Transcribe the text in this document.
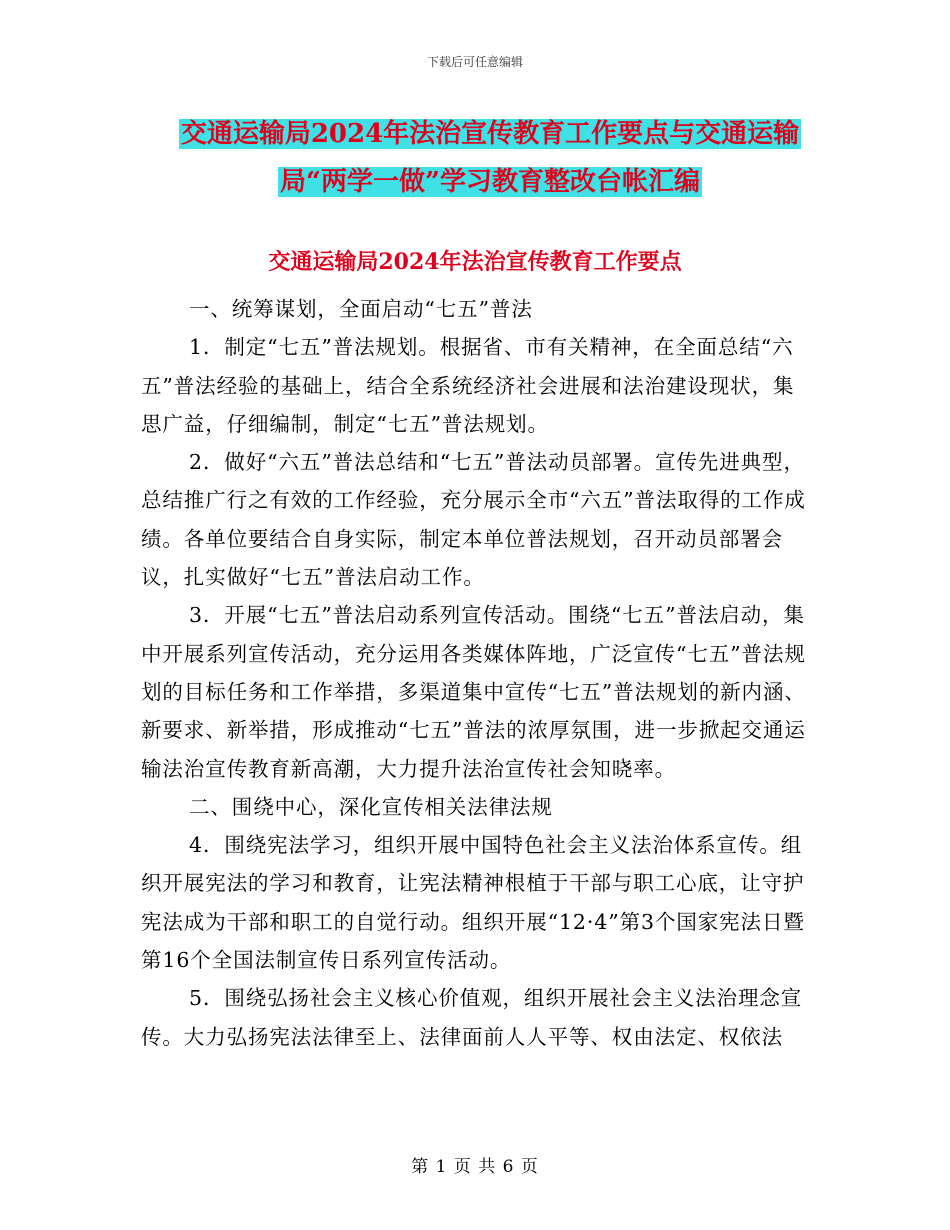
下载后可任意编辑
交通运输局2024年法治宣传教育工作要点与交通运输
局“两学一做”学习教育整改台帐汇编
交通运输局2024年法治宣传教育工作要点

一、统筹谋划，全面启动“七五”普法

1．制定“七五”普法规划。根据省、市有关精神，在全面总结“六五”普法经验的基础上，结合全系统经济社会进展和法治建设现状，集思广益，仔细编制，制定“七五”普法规划。

2．做好“六五”普法总结和“七五”普法动员部署。宣传先进典型，总结推广行之有效的工作经验，充分展示全市“六五”普法取得的工作成绩。各单位要结合自身实际，制定本单位普法规划，召开动员部署会议，扎实做好“七五”普法启动工作。

3．开展“七五”普法启动系列宣传活动。围绕“七五”普法启动，集中开展系列宣传活动，充分运用各类媒体阵地，广泛宣传“七五”普法规划的目标任务和工作举措，多渠道集中宣传“七五”普法规划的新内涵、新要求、新举措，形成推动“七五”普法的浓厚氛围，进一步掀起交通运输法治宣传教育新高潮，大力提升法治宣传社会知晓率。

二、围绕中心，深化宣传相关法律法规

4．围绕宪法学习，组织开展中国特色社会主义法治体系宣传。组织开展宪法的学习和教育，让宪法精神根植于干部与职工心底，让守护宪法成为干部和职工的自觉行动。组织开展“12·4”第3个国家宪法日暨第16个全国法制宣传日系列宣传活动。

5．围绕弘扬社会主义核心价值观，组织开展社会主义法治理念宣传。大力弘扬宪法法律至上、法律面前人人平等、权由法定、权依法

第 1 页 共 6 页
